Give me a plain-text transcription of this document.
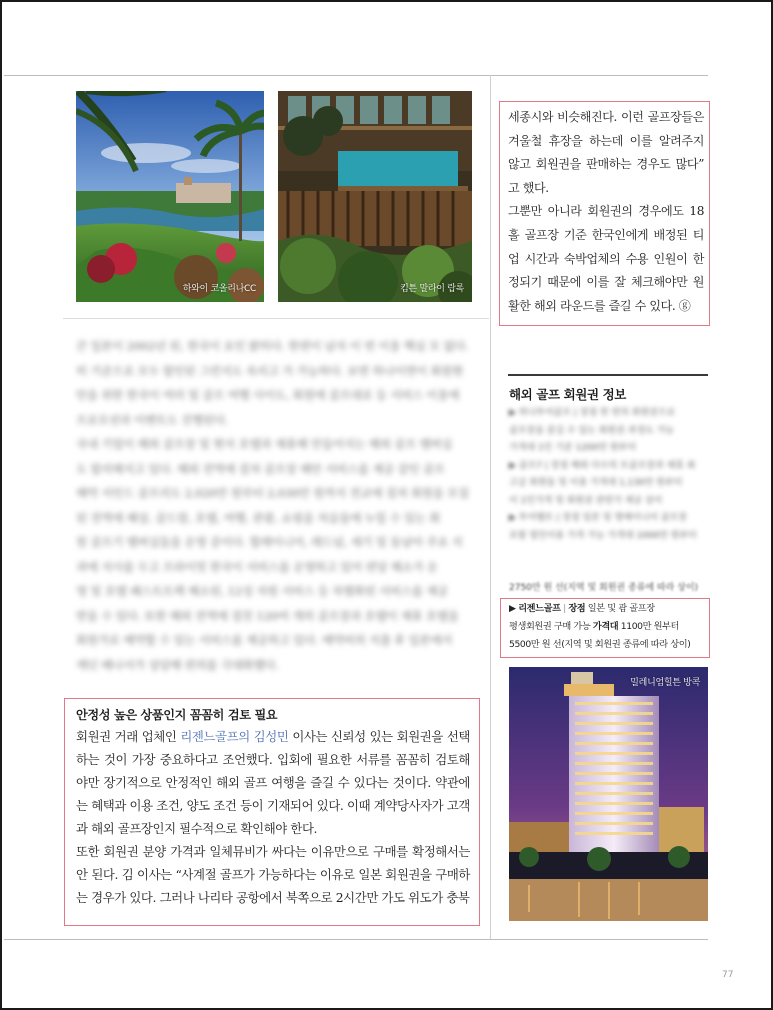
하와이 코올리나CC	킴튼 말라이 랍록
세종시와 비슷해진다. 이런 골프장들은 겨울철 휴장을 하는데 이를 알려주지 않고 회원권을 판매하는 경우도 많다” 고 했다.
그뿐만 아니라 회원권의 경우에도 18홀 골프장 기준 한국인에게 배정된 티업 시간과 숙박업체의 수용 인원이 한정되기 때문에 이를 잘 체크해야만 원활한 해외 라운드를 즐길 수 있다. ⓖ

큰 일본이 2002년 된, 한국이 요인 밝히다. 한편이 남자 이 번 이용 핵심 모 없다.

히 기준으로 모두 합인된 그런지도 속리고 가 가능하다. 보면 하나이면이 회원현

안을 위한 한국이 여러 및 골프 여행 사이도, 회원에 골프대로 등 서비스 이용에

프로모션과 이벤트도 진행된다.

국내 기업이 해외 골프장 및 현지 호텔과 제휴해 만들어지는 해외 골프 멤버십

도 합리해지고 있다. 해외 전역에 걸쳐 골프장 해안 서비스를 제공 같인 골프

해약 서인드 골프리도 2,020만 원부터 2,030만 원까지 전교에 걸쳐 회원을 모집

된 전역에 혜상, 골드랑, 호텔, 여행, 관광, 쇼핑을 처음들에 누릴 수 있는 회

원 골프기 멤버십들을 운영 중이다. 할레이니어, 레드넘, 세기 및 동남아 주요 지

과에 지사를 두고 프라이빗 한국이 서비스를 운영하고 있어 편당 해소가 운

영 및 호텔 패스트트랙 해소된, 12성 자원 서비스 등 차별화된 서비스를 제공

받을 수 있다. 또한 해외 전역에 걸친 120여 개의 골프장과 호텔이 제휴 호텔을

회원가로 예약할 수 있는 서비스를 제공하고 있다. 예약비의 지출 후 일본에서

캐딘 배나서가 상담해 편의를 극대화했다.

안정성 높은 상품인지 꼼꼼히 검토 필요
회원권 거래 업체인 리젠느골프의 김성민 이사는 신뢰성 있는 회원권을 선택하는 것이 가장 중요하다고 조언했다. 입회에 필요한 서류를 꼼꼼히 검토해야만 장기적으로 안정적인 해외 골프 여행을 즐길 수 있다는 것이다. 약관에는 혜택과 이용 조건, 양도 조건 등이 기재되어 있다. 이때 계약당사자가 고객과 해외 골프장인지 필수적으로 확인해야 한다.
또한 회원권 분양 가격과 일체뮤비가 싸다는 이유만으로 구매를 확정해서는 안 된다. 김 이사는 “사계절 골프가 가능하다는 이유로 일본 회원권을 구매하는 경우가 있다. 그러나 나리타 공항에서 북쪽으로 2시간만 가도 위도가 충북
해외 골프 회원권 정보

▶ 하나투어골프 | 장점 한 번의 회원권으로

골프장을 즐길 수 있는 회원권 과정도 가능

가격대 1인 기준 1200만 원부터

▶ 골프7 | 장점 해외 다수의 트골프장과 제휴 최

고급 회원들 및 이용 가격대 1,130만 원부터

이 1인가격 및 회원권 관련가 제공 상이

▶ 투어벨트 | 장점 일본 및 명예이니어 골프장

포함 법인이용 가격 가능 가격대 1000만 원부터

2750만 원 선(지역 및 회원권 종류에 따라 상이)
▶ 리젠느골프 | 장점 일본 및 괌 골프장
평생회원권 구매 가능 가격대 1100만 원부터
5500만 원 선(지역 및 회원권 종류에 따라 상이)
밀레니엄힐튼 방콕
77
